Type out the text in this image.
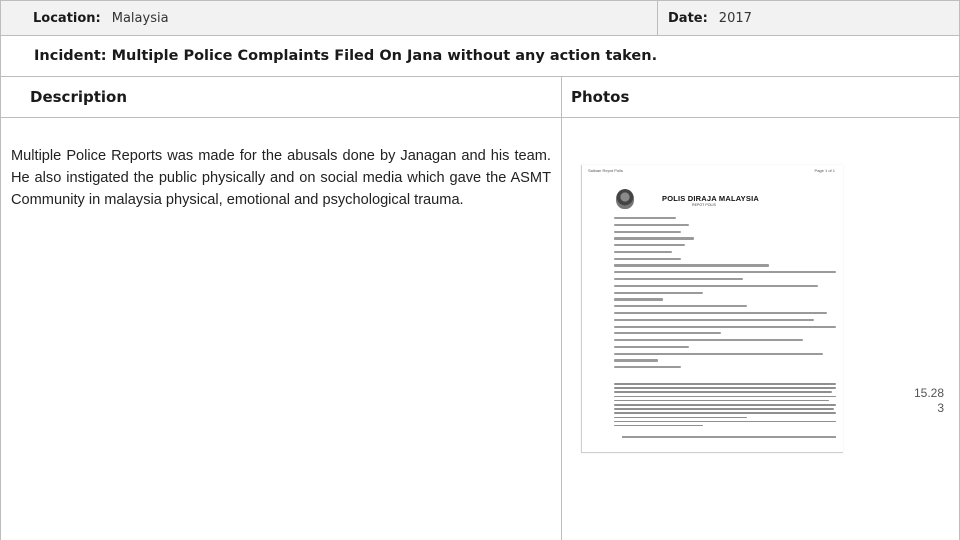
Location: Malaysia	Date: 2017
Incident: Multiple Police Complaints Filed On Jana without any action taken.
Description	Photos

Multiple Police Reports was made for the abusals done by Janagan and his team. He also instigated the public physically and on social media which gave the ASMT Community in malaysia physical, emotional and psychological trauma.

Salinan Repot Polis	Page 1 of 1
POLIS DIRAJA MALAYSIA
REPOT POLIS
15.28
3
